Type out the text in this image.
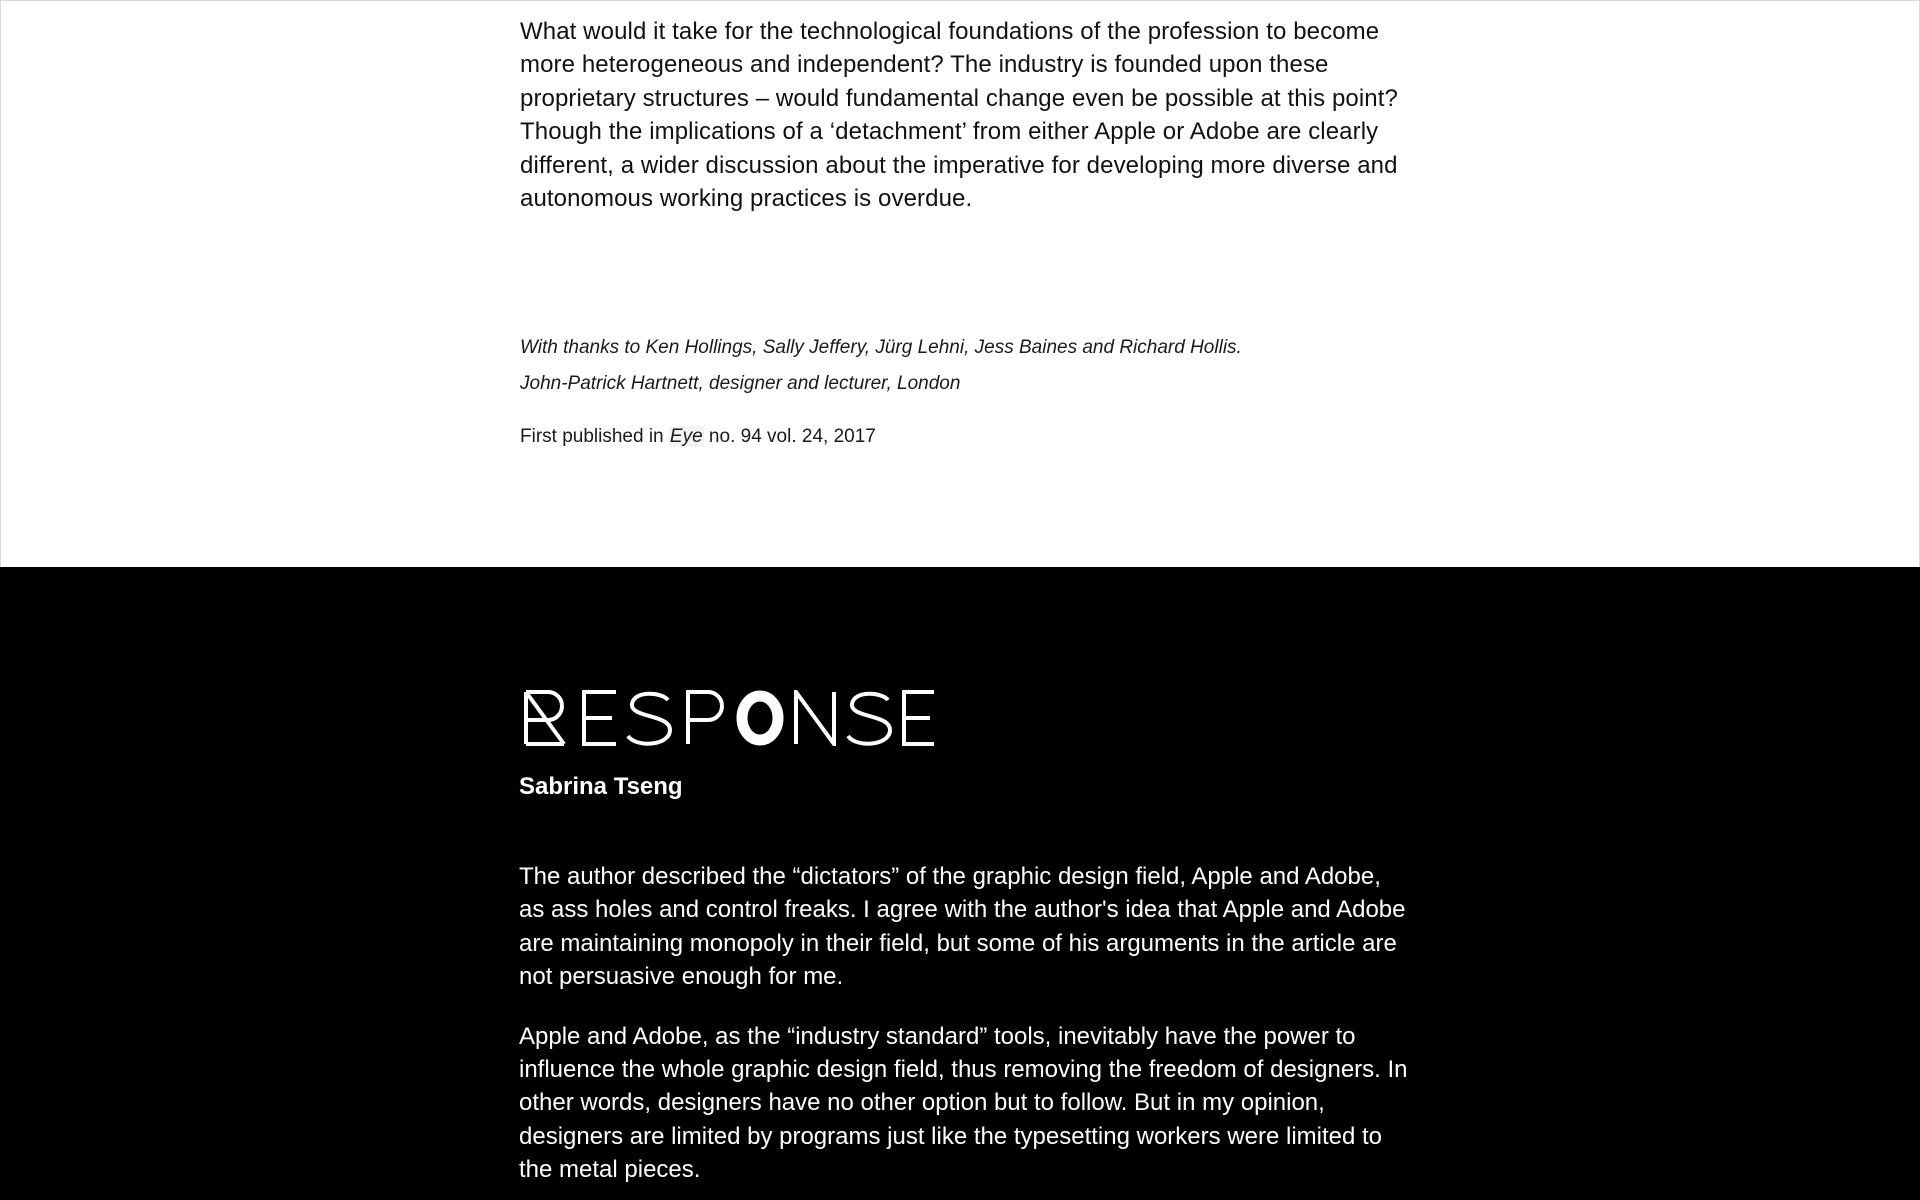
What would it take for the technological foundations of the profession to become more heterogeneous and independent? The industry is founded upon these proprietary structures – would fundamental change even be possible at this point? Though the implications of a ‘detachment’ from either Apple or Adobe are clearly different, a wider discussion about the imperative for developing more diverse and autonomous working practices is overdue.

With thanks to Ken Hollings, Sally Jeffery, Jürg Lehni, Jess Baines and Richard Hollis.

John-Patrick Hartnett, designer and lecturer, London

First published in Eye no. 94 vol. 24, 2017

Sabrina Tseng

The author described the “dictators” of the graphic design field, Apple and Adobe, as ass holes and control freaks. I agree with the author's idea that Apple and Adobe are maintaining monopoly in their field, but some of his arguments in the article are not persuasive enough for me.

Apple and Adobe, as the “industry standard” tools, inevitably have the power to influence the whole graphic design field, thus removing the freedom of designers. In other words, designers have no other option but to follow. But in my opinion, designers are limited by programs just like the typesetting workers were limited to the metal pieces.
